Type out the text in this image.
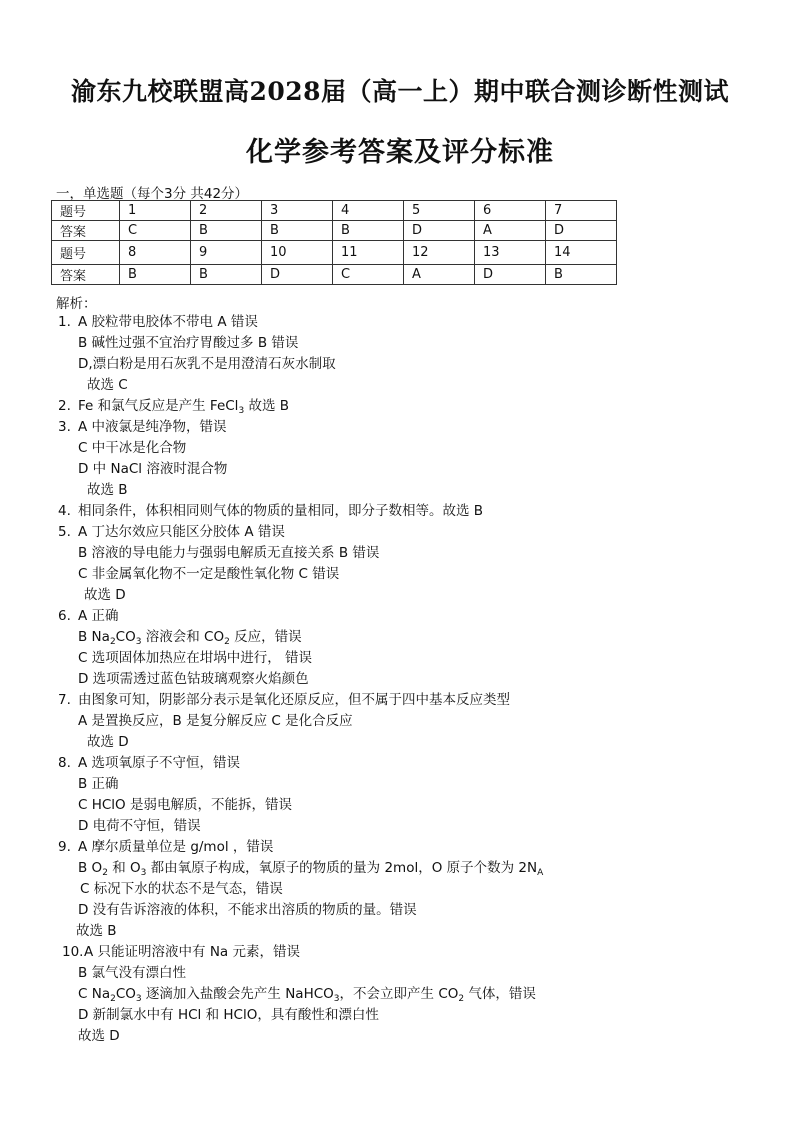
渝东九校联盟高2028届（高一上）期中联合测诊断性测试
化学参考答案及评分标准
一，单选题（每个3分 共42分）
题号	1	2	3	4	5	6	7
答案	C	B	B	B	D	A	D
题号	8	9	10	11	12	13	14
答案	B	B	D	C	A	D	B
解析：
1. A 胶粒带电胶体不带电 A 错误
B 碱性过强不宜治疗胃酸过多 B 错误
D,漂白粉是用石灰乳不是用澄清石灰水制取
故选 C
2. Fe 和氯气反应是产生 FeCl$_3$ 故选 B
3. A 中液氯是纯净物，错误
C 中干冰是化合物
D 中 NaCl 溶液时混合物
故选 B
4. 相同条件，体积相同则气体的物质的量相同，即分子数相等。故选 B
5. A 丁达尔效应只能区分胶体 A 错误
B 溶液的导电能力与强弱电解质无直接关系 B 错误
C 非金属氧化物不一定是酸性氧化物 C 错误
故选 D
6. A 正确
B $Na_2CO_3$ 溶液会和 $CO_2$ 反应，错误
C 选项固体加热应在坩埚中进行， 错误
D 选项需透过蓝色钴玻璃观察火焰颜色
7. 由图象可知，阴影部分表示是氧化还原反应，但不属于四中基本反应类型
A 是置换反应，B 是复分解反应 C 是化合反应
故选 D
8. A 选项氧原子不守恒，错误
B 正确
C HClO 是弱电解质，不能拆，错误
D 电荷不守恒，错误
9. A 摩尔质量单位是 g/mol ，错误
B $O_2$ 和 $O_3$ 都由氧原子构成，氧原子的物质的量为 2mol，O 原子个数为 $2N_A$
C 标况下水的状态不是气态，错误
D 没有告诉溶液的体积，不能求出溶质的物质的量。错误
故选 B
10. A 只能证明溶液中有 Na 元素，错误
B 氯气没有漂白性
C $Na_2CO_3$ 逐滴加入盐酸会先产生 NaHCO$_3$，不会立即产生 $CO_2$ 气体，错误
D 新制氯水中有 HCl 和 HClO，具有酸性和漂白性
故选 D
